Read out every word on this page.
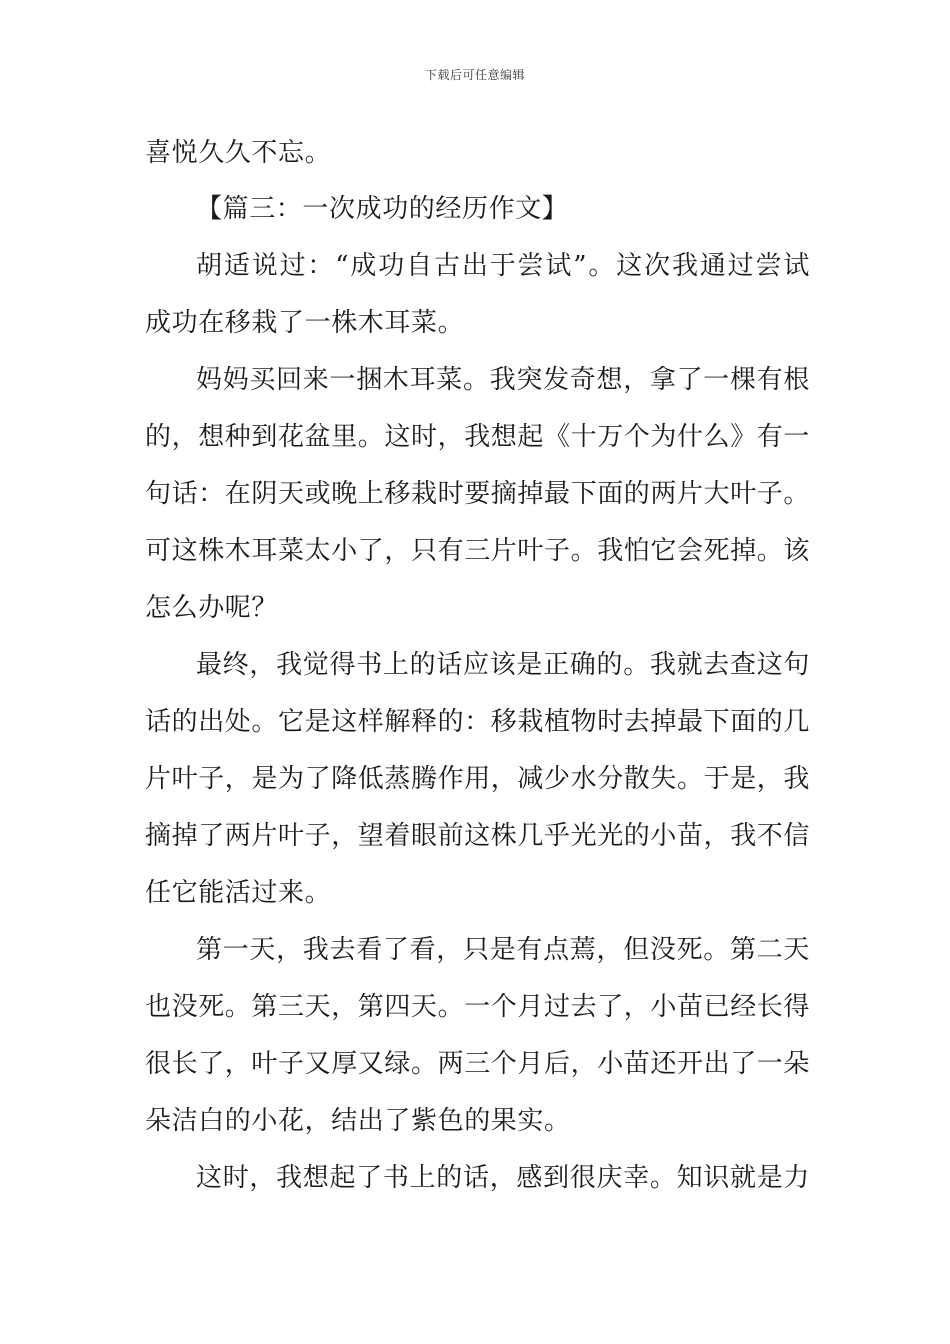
下载后可任意编辑
喜悦久久不忘。
【篇三：一次成功的经历作文】
胡适说过：“成功自古出于尝试”。这次我通过尝试
成功在移栽了一株木耳菜。
妈妈买回来一捆木耳菜。我突发奇想，拿了一棵有根
的，想种到花盆里。这时，我想起《十万个为什么》有一
句话：在阴天或晚上移栽时要摘掉最下面的两片大叶子。
可这株木耳菜太小了，只有三片叶子。我怕它会死掉。该
怎么办呢？
最终，我觉得书上的话应该是正确的。我就去查这句
话的出处。它是这样解释的：移栽植物时去掉最下面的几
片叶子，是为了降低蒸腾作用，减少水分散失。于是，我
摘掉了两片叶子，望着眼前这株几乎光光的小苗，我不信
任它能活过来。
第一天，我去看了看，只是有点蔫，但没死。第二天
也没死。第三天，第四天。一个月过去了，小苗已经长得
很长了，叶子又厚又绿。两三个月后，小苗还开出了一朵
朵洁白的小花，结出了紫色的果实。
这时，我想起了书上的话，感到很庆幸。知识就是力
